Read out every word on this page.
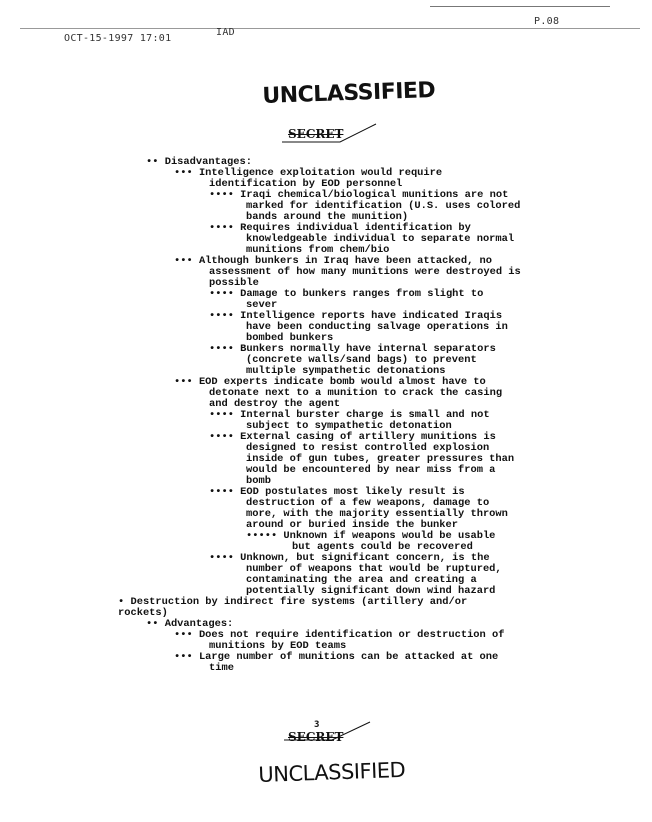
P.08
OCT-15-1997 17:01
IAD
UNCLASSIFIED
SECRET
•• Disadvantages:
••• Intelligence exploitation would require
identification by EOD personnel
•••• Iraqi chemical/biological munitions are not
marked for identification (U.S. uses colored
bands around the munition)
•••• Requires individual identification by
knowledgeable individual to separate normal
munitions from chem/bio
••• Although bunkers in Iraq have been attacked, no
assessment of how many munitions were destroyed is
possible
•••• Damage to bunkers ranges from slight to
sever
•••• Intelligence reports have indicated Iraqis
have been conducting salvage operations in
bombed bunkers
•••• Bunkers normally have internal separators
(concrete walls/sand bags) to prevent
multiple sympathetic detonations
••• EOD experts indicate bomb would almost have to
detonate next to a munition to crack the casing
and destroy the agent
•••• Internal burster charge is small and not
subject to sympathetic detonation
•••• External casing of artillery munitions is
designed to resist controlled explosion
inside of gun tubes, greater pressures than
would be encountered by near miss from a
bomb
•••• EOD postulates most likely result is
destruction of a few weapons, damage to
more, with the majority essentially thrown
around or buried inside the bunker
••••• Unknown if weapons would be usable
but agents could be recovered
•••• Unknown, but significant concern, is the
number of weapons that would be ruptured,
contaminating the area and creating a
potentially significant down wind hazard
• Destruction by indirect fire systems (artillery and/or
rockets)
•• Advantages:
••• Does not require identification or destruction of
munitions by EOD teams
••• Large number of munitions can be attacked at one
time
3
SECRET
UNCLASSIFIED
